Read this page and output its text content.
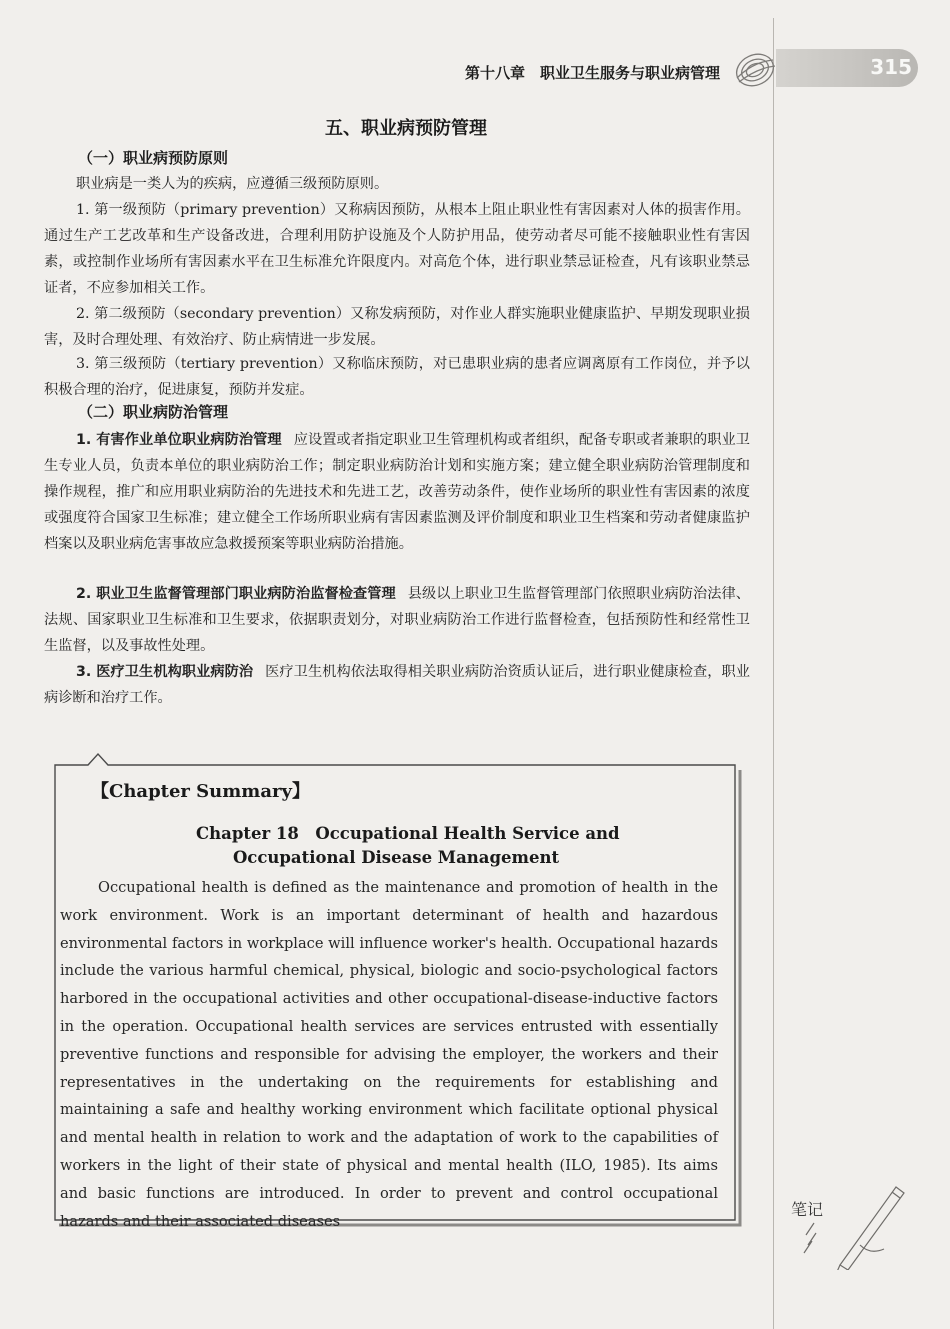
第十八章　职业卫生服务与职业病管理	315
五、职业病预防管理
（一）职业病预防原则

职业病是一类人为的疾病，应遵循三级预防原则。

1. 第一级预防（primary prevention）又称病因预防，从根本上阻止职业性有害因素对人体的损害作用。通过生产工艺改革和生产设备改进，合理利用防护设施及个人防护用品，使劳动者尽可能不接触职业性有害因素，或控制作业场所有害因素水平在卫生标准允许限度内。对高危个体，进行职业禁忌证检查，凡有该职业禁忌证者，不应参加相关工作。

2. 第二级预防（secondary prevention）又称发病预防，对作业人群实施职业健康监护、早期发现职业损害，及时合理处理、有效治疗、防止病情进一步发展。

3. 第三级预防（tertiary prevention）又称临床预防，对已患职业病的患者应调离原有工作岗位，并予以积极合理的治疗，促进康复，预防并发症。

（二）职业病防治管理

1. 有害作业单位职业病防治管理 应设置或者指定职业卫生管理机构或者组织，配备专职或者兼职的职业卫生专业人员，负责本单位的职业病防治工作；制定职业病防治计划和实施方案；建立健全职业病防治管理制度和操作规程，推广和应用职业病防治的先进技术和先进工艺，改善劳动条件，使作业场所的职业性有害因素的浓度或强度符合国家卫生标准；建立健全工作场所职业病有害因素监测及评价制度和职业卫生档案和劳动者健康监护档案以及职业病危害事故应急救援预案等职业病防治措施。

2. 职业卫生监督管理部门职业病防治监督检查管理 县级以上职业卫生监督管理部门依照职业病防治法律、法规、国家职业卫生标准和卫生要求，依据职责划分，对职业病防治工作进行监督检查，包括预防性和经常性卫生监督，以及事故性处理。

3. 医疗卫生机构职业病防治 医疗卫生机构依法取得相关职业病防治资质认证后，进行职业健康检查，职业病诊断和治疗工作。

【Chapter Summary】
Chapter 18　Occupational Health Service and
Occupational Disease Management

Occupational health is defined as the maintenance and promotion of health in the work environment. Work is an important determinant of health and hazardous environmental factors in workplace will influence worker's health. Occupational hazards include the various harmful chemical, physical, biologic and socio-psychological factors harbored in the occupational activities and other occupational-disease-inductive factors in the operation. Occupational health services are services entrusted with essentially preventive functions and responsible for advising the employer, the workers and their representatives in the undertaking on the requirements for establishing and maintaining a safe and healthy working environment which facilitate optional physical and mental health in relation to work and the adaptation of work to the capabilities of workers in the light of their state of physical and mental health (ILO, 1985). Its aims and basic functions are introduced. In order to prevent and control occupational hazards and their associated diseases

笔记
